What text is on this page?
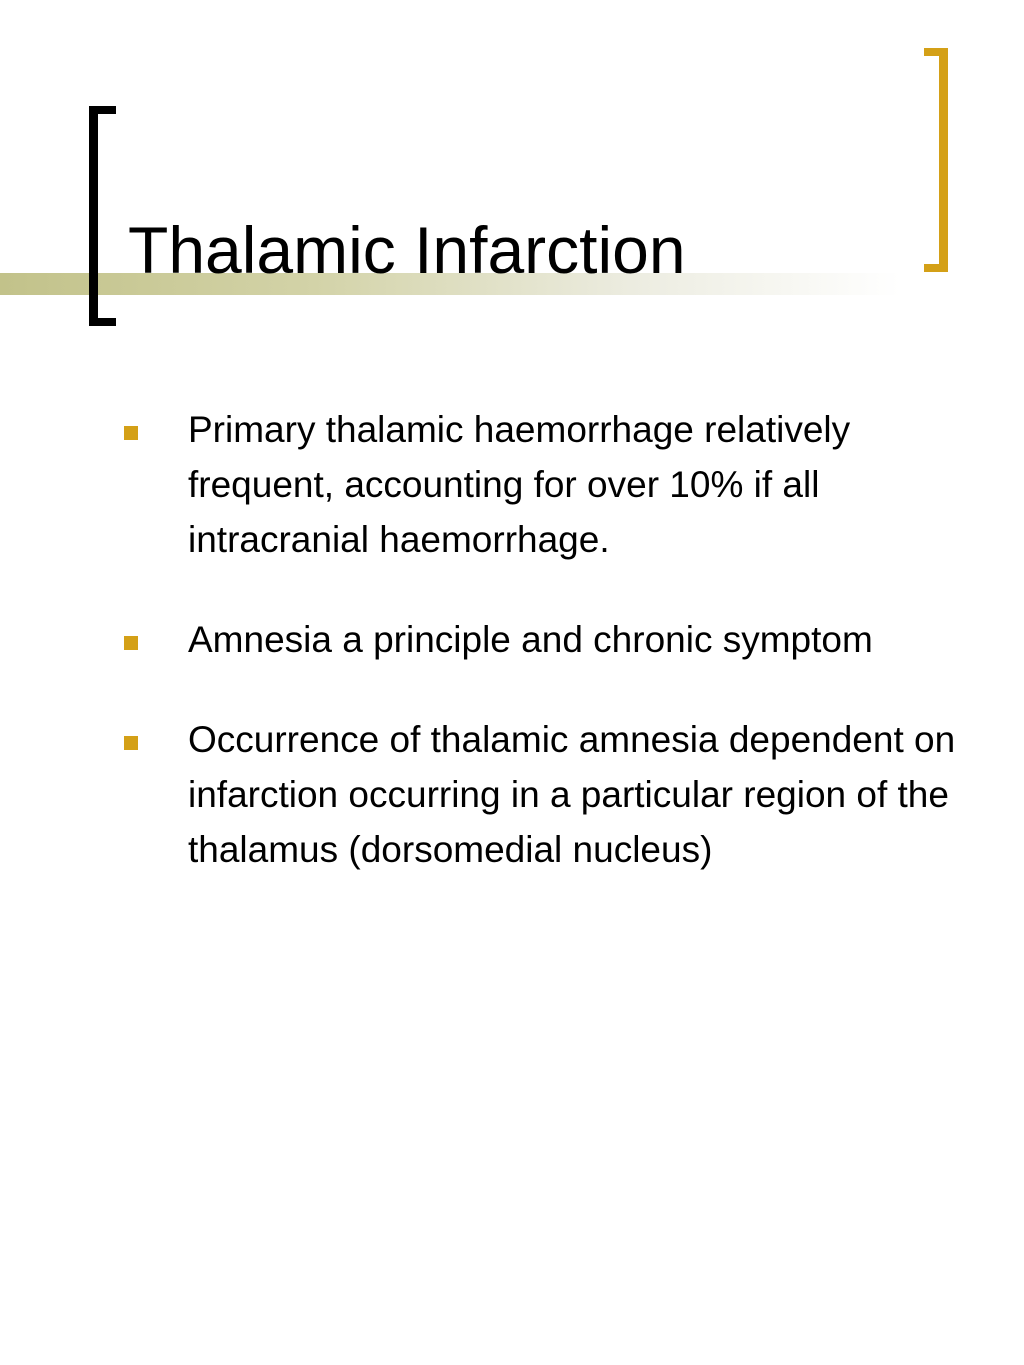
Thalamic Infarction
Primary thalamic haemorrhage relatively frequent, accounting for over 10% if all intracranial haemorrhage.
Amnesia a principle and chronic symptom
Occurrence of thalamic amnesia dependent on infarction occurring in a particular region of the thalamus (dorsomedial nucleus)
